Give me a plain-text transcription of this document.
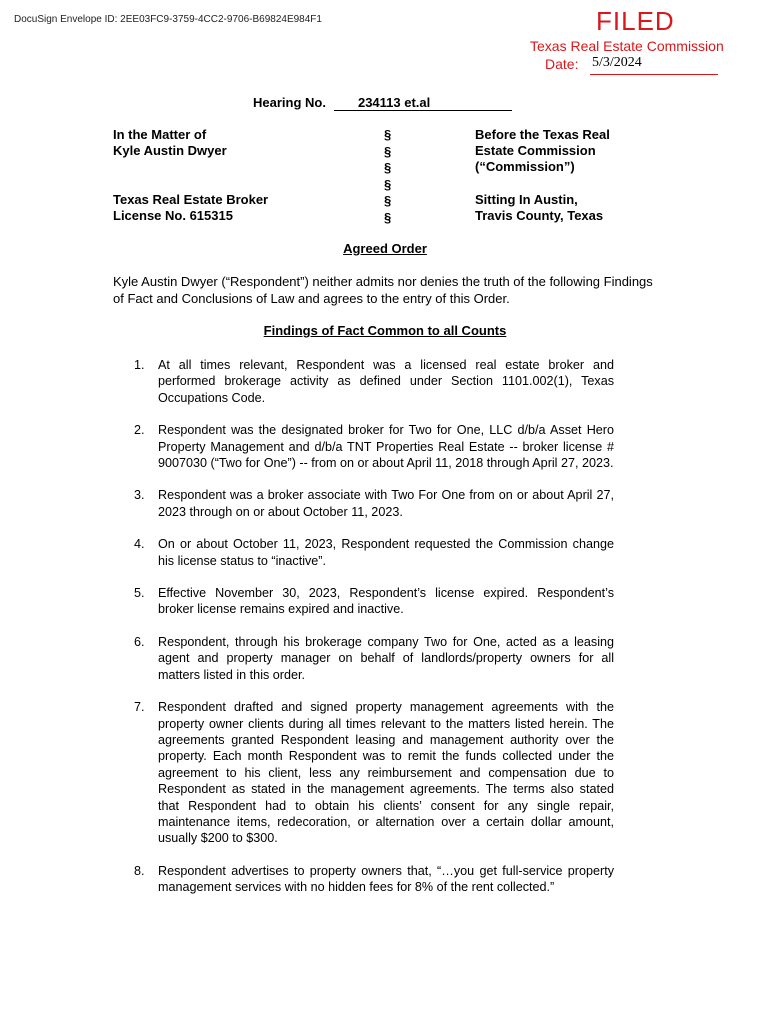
DocuSign Envelope ID: 2EE03FC9-3759-4CC2-9706-B69824E984F1	FILED
Texas Real Estate Commission
Date: 5/3/2024
Hearing No. 234113 et.al
In the Matter of
Kyle Austin Dwyer
Texas Real Estate Broker
License No. 615315
§
§
§
§
§
§
Before the Texas Real
Estate Commission
(“Commission”)
Sitting In Austin,
Travis County, Texas
Agreed Order
Kyle Austin Dwyer (“Respondent”) neither admits nor denies the truth of the following Findings of Fact and Conclusions of Law and agrees to the entry of this Order.
Findings of Fact Common to all Counts
1. At all times relevant, Respondent was a licensed real estate broker and performed brokerage activity as defined under Section 1101.002(1), Texas Occupations Code.
2. Respondent was the designated broker for Two for One, LLC d/b/a Asset Hero Property Management and d/b/a TNT Properties Real Estate -- broker license # 9007030 (“Two for One”) -- from on or about April 11, 2018 through April 27, 2023.
3. Respondent was a broker associate with Two For One from on or about April 27, 2023 through on or about October 11, 2023.
4. On or about October 11, 2023, Respondent requested the Commission change his license status to “inactive”.
5. Effective November 30, 2023, Respondent’s license expired. Respondent’s broker license remains expired and inactive.
6. Respondent, through his brokerage company Two for One, acted as a leasing agent and property manager on behalf of landlords/property owners for all matters listed in this order.
7. Respondent drafted and signed property management agreements with the property owner clients during all times relevant to the matters listed herein. The agreements granted Respondent leasing and management authority over the property. Each month Respondent was to remit the funds collected under the agreement to his client, less any reimbursement and compensation due to Respondent as stated in the management agreements. The terms also stated that Respondent had to obtain his clients’ consent for any single repair, maintenance items, redecoration, or alternation over a certain dollar amount, usually $200 to $300.
8. Respondent advertises to property owners that, “…you get full-service property management services with no hidden fees for 8% of the rent collected.”
